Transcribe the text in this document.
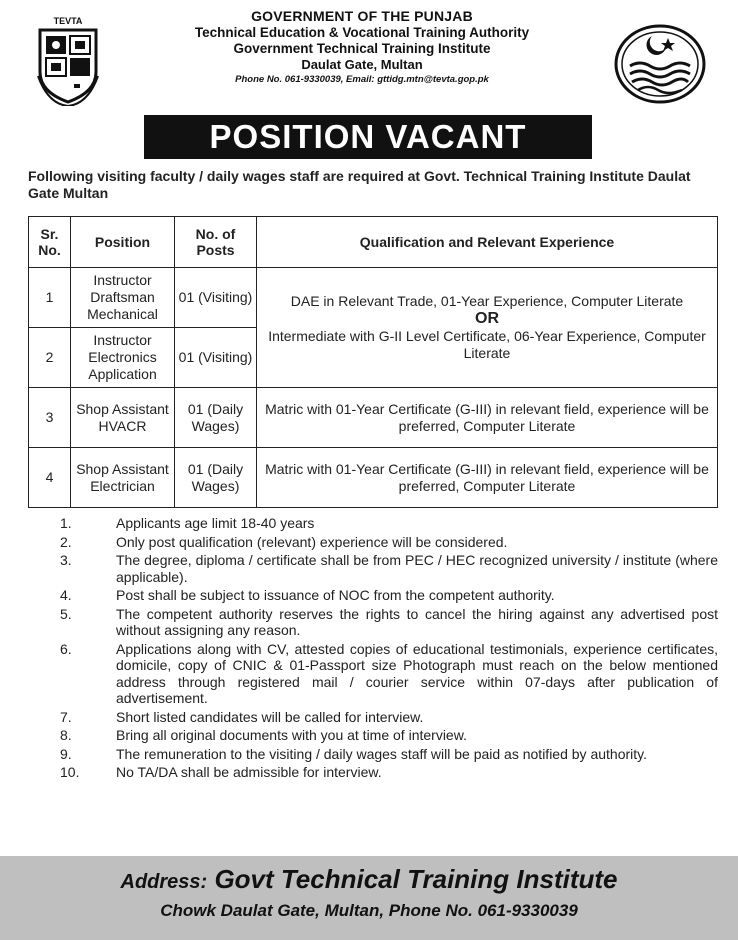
TEVTA	GOVERNMENT OF THE PUNJAB
Technical Education & Vocational Training Authority
Government Technical Training Institute
Daulat Gate, Multan
Phone No. 061-9330039, Email: gttidg.mtn@tevta.gop.pk
POSITION VACANT
Following visiting faculty / daily wages staff are required at Govt. Technical Training Institute Daulat Gate Multan
Sr. No.	Position	No. of Posts	Qualification and Relevant Experience
1	Instructor Draftsman Mechanical	01 (Visiting)	DAE in Relevant Trade, 01-Year Experience, Computer Literate
OR
Intermediate with G-II Level Certificate, 06-Year Experience, Computer Literate

2	Instructor Electronics Application	01 (Visiting)	
3	Shop Assistant HVACR	01 (Daily Wages)	Matric with 01-Year Certificate (G-III) in relevant field, experience will be preferred, Computer Literate
4	Shop Assistant Electrician	01 (Daily Wages)	Matric with 01-Year Certificate (G-III) in relevant field, experience will be preferred, Computer Literate
1.	Applicants age limit 18-40 years
2.	Only post qualification (relevant) experience will be considered.
3.	The degree, diploma / certificate shall be from PEC / HEC recognized university / institute (where applicable).
4.	Post shall be subject to issuance of NOC from the competent authority.
5.	The competent authority reserves the rights to cancel the hiring against any advertised post without assigning any reason.
6.	Applications along with CV, attested copies of educational testimonials, experience certificates, domicile, copy of CNIC & 01-Passport size Photograph must reach on the below mentioned address through registered mail / courier service within 07-days after publication of advertisement.
7.	Short listed candidates will be called for interview.
8.	Bring all original documents with you at time of interview.
9.	The remuneration to the visiting / daily wages staff will be paid as notified by authority.
10.	No TA/DA shall be admissible for interview.
Address: Govt Technical Training Institute
Chowk Daulat Gate, Multan, Phone No. 061-9330039
